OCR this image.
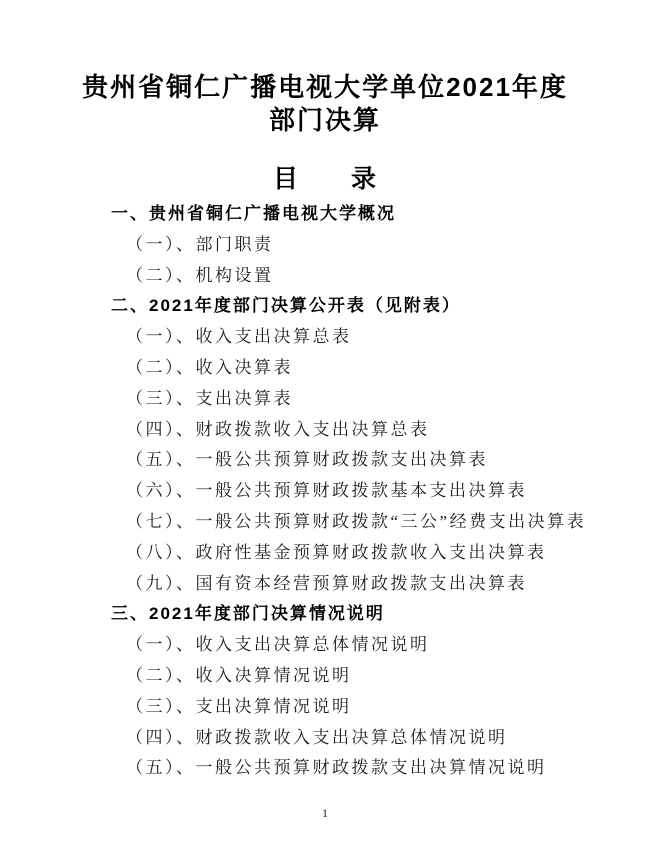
贵州省铜仁广播电视大学单位2021年度
部门决算
目　　录
一、贵州省铜仁广播电视大学概况
（一）、部门职责
（二）、机构设置
二、2021年度部门决算公开表（见附表）
（一）、收入支出决算总表
（二）、收入决算表
（三）、支出决算表
（四）、财政拨款收入支出决算总表
（五）、一般公共预算财政拨款支出决算表
（六）、一般公共预算财政拨款基本支出决算表
（七）、一般公共预算财政拨款“三公”经费支出决算表
（八）、政府性基金预算财政拨款收入支出决算表
（九）、国有资本经营预算财政拨款支出决算表
三、2021年度部门决算情况说明
（一）、收入支出决算总体情况说明
（二）、收入决算情况说明
（三）、支出决算情况说明
（四）、财政拨款收入支出决算总体情况说明
（五）、一般公共预算财政拨款支出决算情况说明
1
